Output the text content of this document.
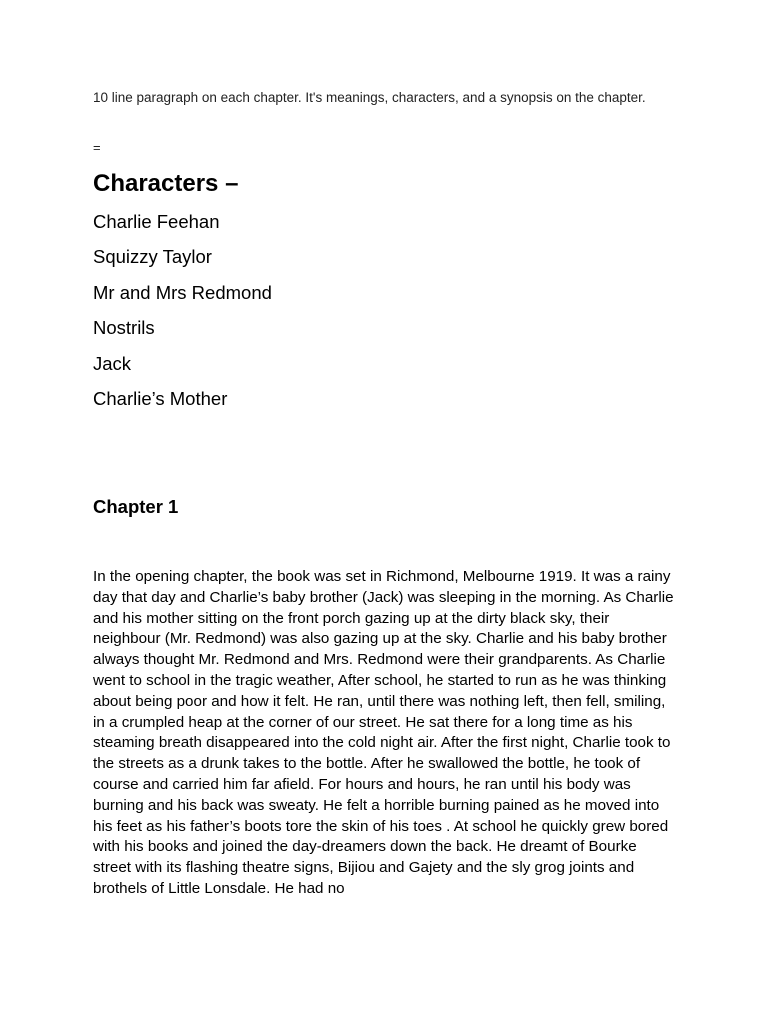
10 line paragraph on each chapter. It's meanings, characters, and a synopsis on the chapter.

=

Characters –
Charlie Feehan
Squizzy Taylor
Mr and Mrs Redmond
Nostrils
Jack
Charlie’s Mother
Chapter 1

In the opening chapter, the book was set in Richmond, Melbourne 1919. It was a rainy day that day and Charlie’s baby brother (Jack) was sleeping in the morning. As Charlie and his mother sitting on the front porch gazing up at the dirty black sky, their neighbour (Mr. Redmond) was also gazing up at the sky. Charlie and his baby brother always thought Mr. Redmond and Mrs. Redmond were their grandparents. As Charlie went to school in the tragic weather, After school, he started to run as he was thinking about being poor and how it felt. He ran, until there was nothing left, then fell, smiling, in a crumpled heap at the corner of our street. He sat there for a long time as his steaming breath disappeared into the cold night air. After the first night, Charlie took to the streets as a drunk takes to the bottle. After he swallowed the bottle, he took of course and carried him far afield. For hours and hours, he ran until his body was burning and his back was sweaty. He felt a horrible burning pained as he moved into his feet as his father’s boots tore the skin of his toes . At school he quickly grew bored with his books and joined the day-dreamers down the back. He dreamt of Bourke street with its flashing theatre signs, Bijiou and Gajety and the sly grog joints and brothels of Little Lonsdale. He had no
